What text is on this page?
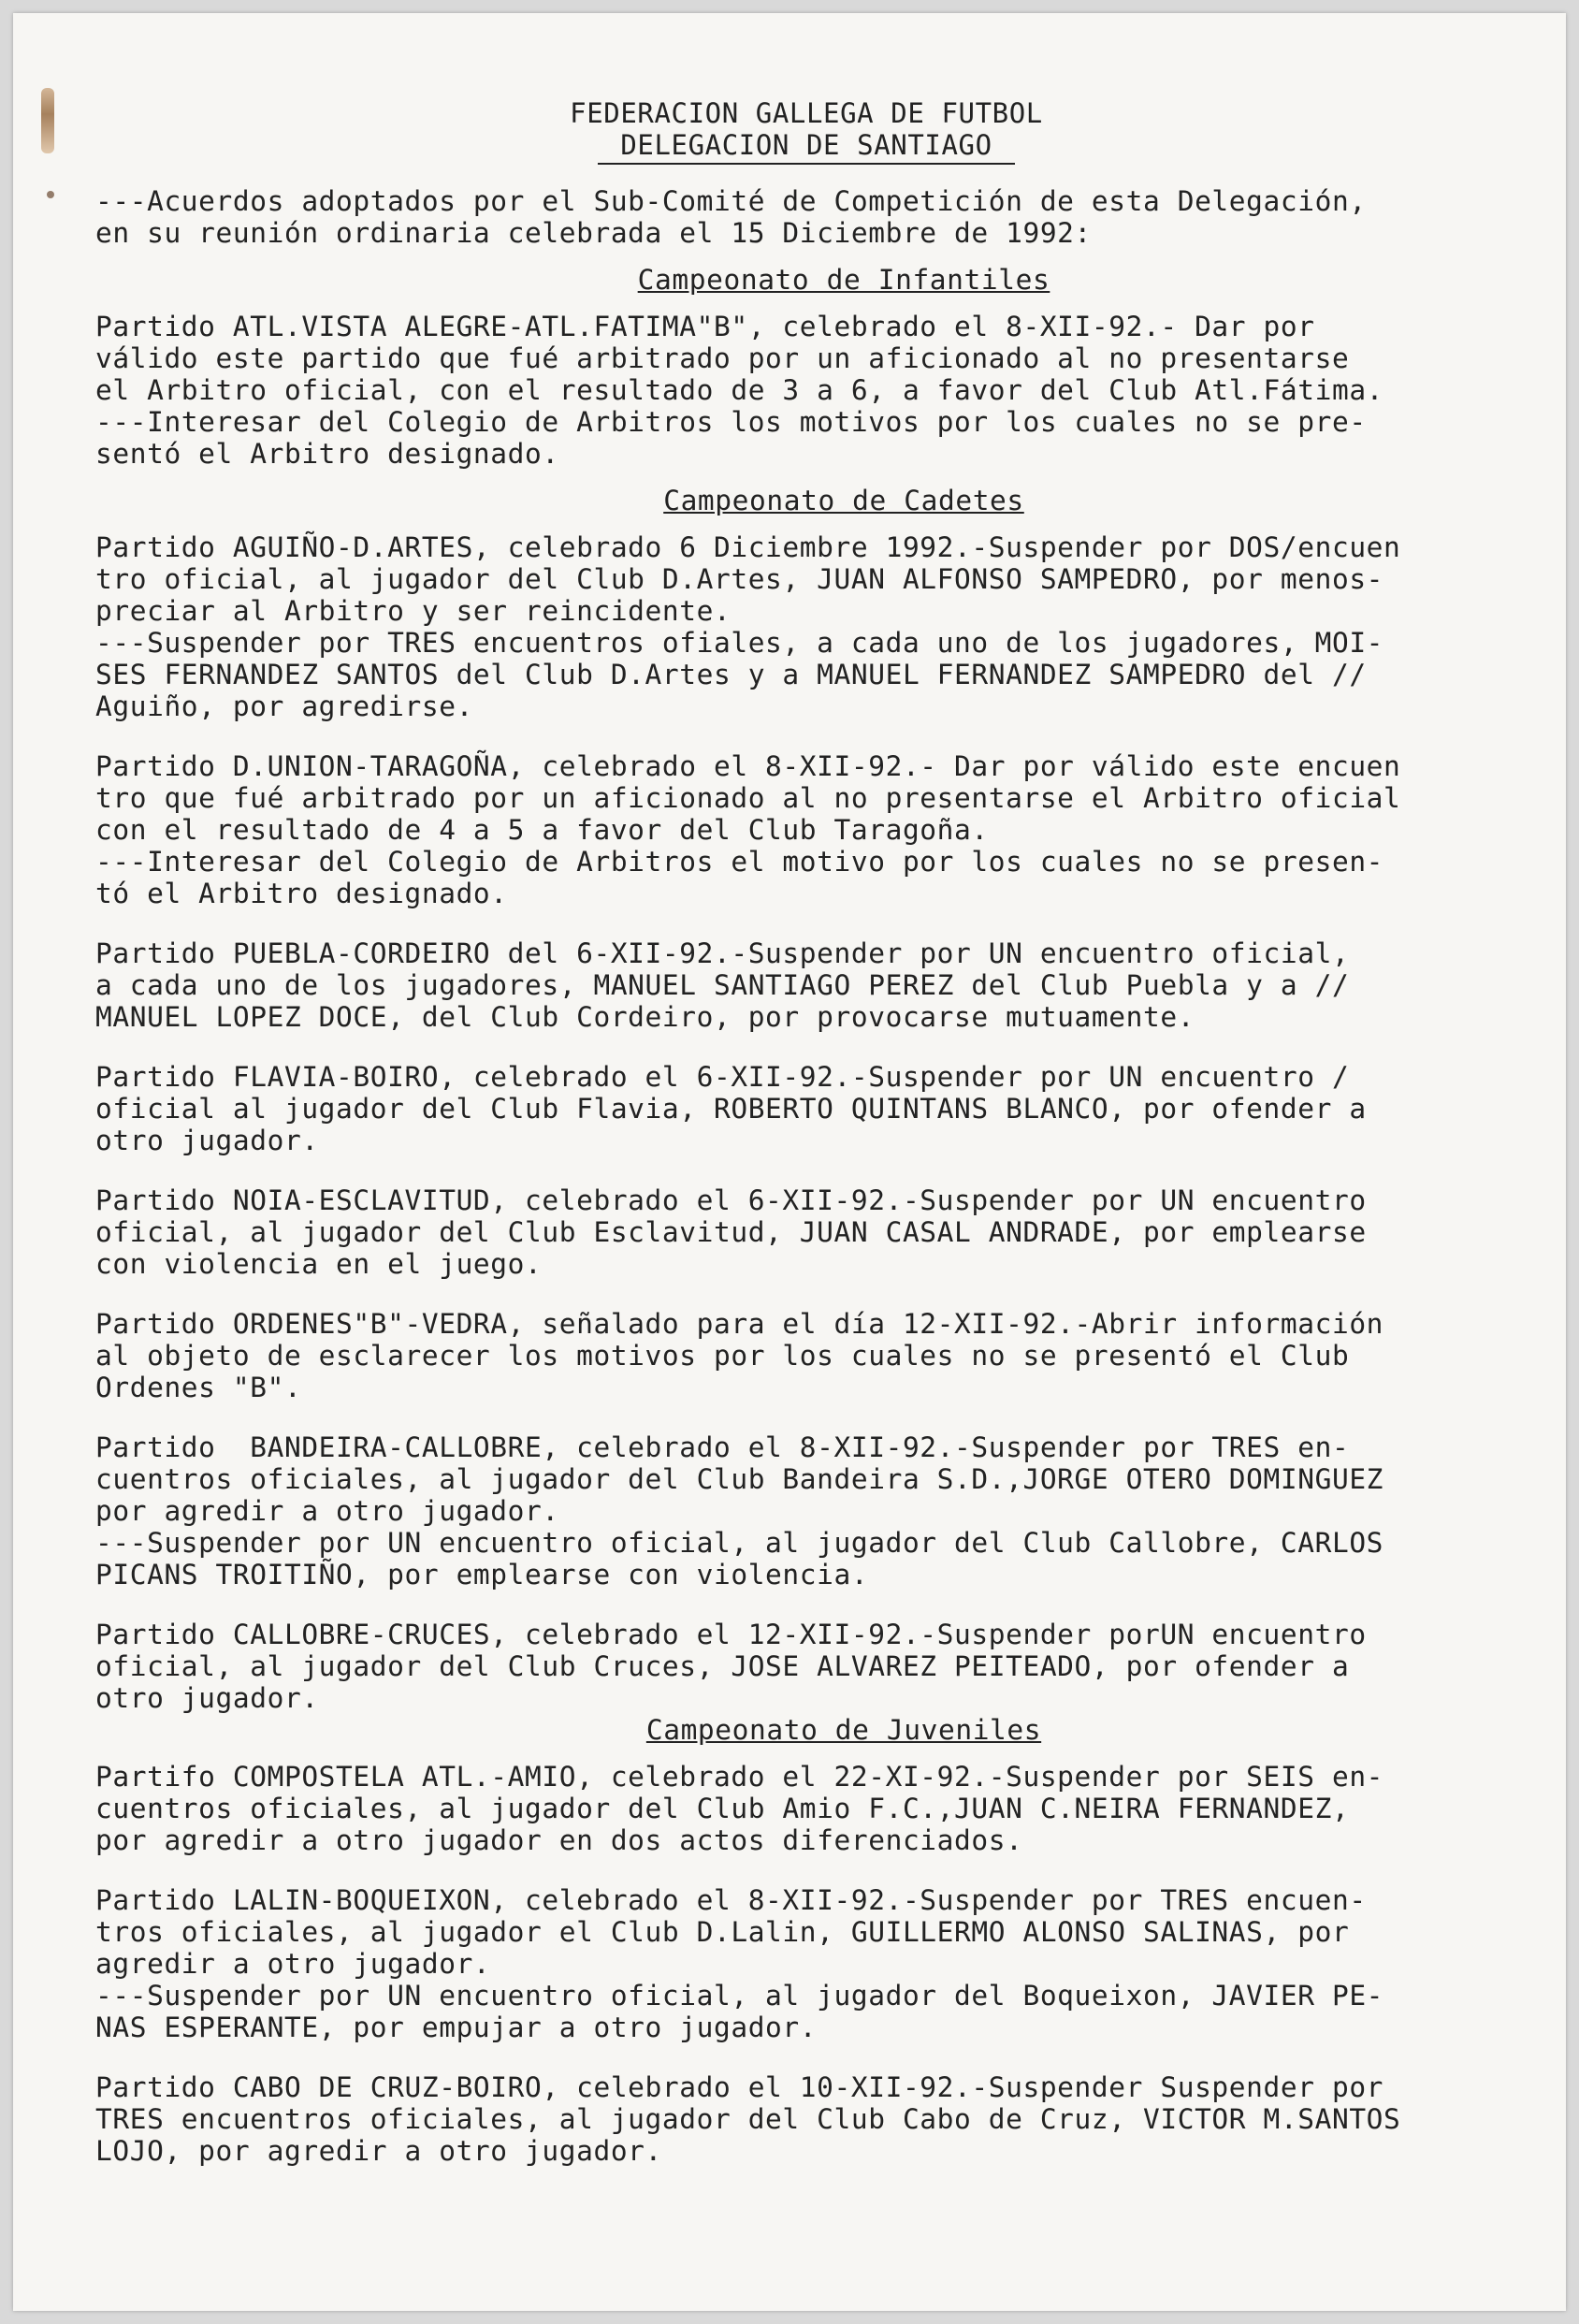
FEDERACION GALLEGA DE FUTBOL
DELEGACION DE SANTIAGO

---Acuerdos adoptados por el Sub-Comité de Competición de esta Delegación,

en su reunión ordinaria celebrada el 15 Diciembre de 1992:

Campeonato de Infantiles

Partido ATL.VISTA ALEGRE-ATL.FATIMA"B", celebrado el 8-XII-92.- Dar por

válido este partido que fué arbitrado por un aficionado al no presentarse

el Arbitro oficial, con el resultado de 3 a 6, a favor del Club Atl.Fátima.

---Interesar del Colegio de Arbitros los motivos por los cuales no se pre-

sentó el Arbitro designado.

Campeonato de Cadetes

Partido AGUIÑO-D.ARTES, celebrado 6 Diciembre 1992.-Suspender por DOS/encuen

tro oficial, al jugador del Club D.Artes, JUAN ALFONSO SAMPEDRO, por menos-

preciar al Arbitro y ser reincidente.

---Suspender por TRES encuentros ofiales, a cada uno de los jugadores, MOI-

SES FERNANDEZ SANTOS del Club D.Artes y a MANUEL FERNANDEZ SAMPEDRO del //

Aguiño, por agredirse.

Partido D.UNION-TARAGOÑA, celebrado el 8-XII-92.- Dar por válido este encuen

tro que fué arbitrado por un aficionado al no presentarse el Arbitro oficial

con el resultado de 4 a 5 a favor del Club Taragoña.

---Interesar del Colegio de Arbitros el motivo por los cuales no se presen-

tó el Arbitro designado.

Partido PUEBLA-CORDEIRO del 6-XII-92.-Suspender por UN encuentro oficial,

a cada uno de los jugadores, MANUEL SANTIAGO PEREZ del Club Puebla y a //

MANUEL LOPEZ DOCE, del Club Cordeiro, por provocarse mutuamente.

Partido FLAVIA-BOIRO, celebrado el 6-XII-92.-Suspender por UN encuentro /

oficial al jugador del Club Flavia, ROBERTO QUINTANS BLANCO, por ofender a

otro jugador.

Partido NOIA-ESCLAVITUD, celebrado el 6-XII-92.-Suspender por UN encuentro

oficial, al jugador del Club Esclavitud, JUAN CASAL ANDRADE, por emplearse

con violencia en el juego.

Partido ORDENES"B"-VEDRA, señalado para el día 12-XII-92.-Abrir información

al objeto de esclarecer los motivos por los cuales no se presentó el Club

Ordenes "B".

Partido  BANDEIRA-CALLOBRE, celebrado el 8-XII-92.-Suspender por TRES en-

cuentros oficiales, al jugador del Club Bandeira S.D.,JORGE OTERO DOMINGUEZ

por agredir a otro jugador.

---Suspender por UN encuentro oficial, al jugador del Club Callobre, CARLOS

PICANS TROITIÑO, por emplearse con violencia.

Partido CALLOBRE-CRUCES, celebrado el 12-XII-92.-Suspender porUN encuentro

oficial, al jugador del Club Cruces, JOSE ALVAREZ PEITEADO, por ofender a

otro jugador.

Campeonato de Juveniles

Partifo COMPOSTELA ATL.-AMIO, celebrado el 22-XI-92.-Suspender por SEIS en-

cuentros oficiales, al jugador del Club Amio F.C.,JUAN C.NEIRA FERNANDEZ,

por agredir a otro jugador en dos actos diferenciados.

Partido LALIN-BOQUEIXON, celebrado el 8-XII-92.-Suspender por TRES encuen-

tros oficiales, al jugador el Club D.Lalin, GUILLERMO ALONSO SALINAS, por

agredir a otro jugador.

---Suspender por UN encuentro oficial, al jugador del Boqueixon, JAVIER PE-

NAS ESPERANTE, por empujar a otro jugador.

Partido CABO DE CRUZ-BOIRO, celebrado el 10-XII-92.-Suspender Suspender por

TRES encuentros oficiales, al jugador del Club Cabo de Cruz, VICTOR M.SANTOS

LOJO, por agredir a otro jugador.
